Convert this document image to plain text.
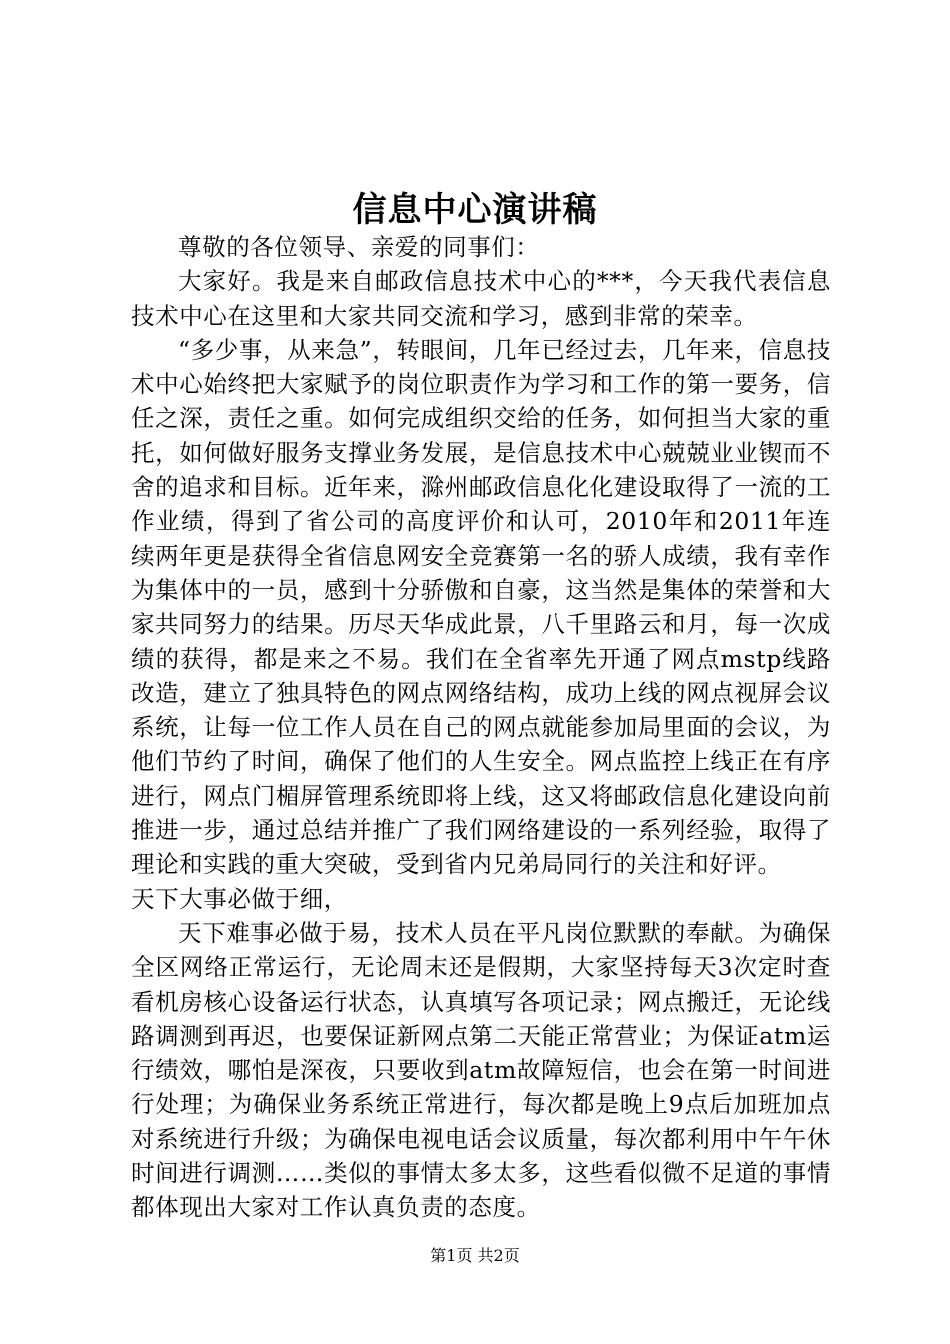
信息中心演讲稿

尊敬的各位领导、亲爱的同事们：

大家好。我是来自邮政信息技术中心的***，今天我代表信息技术中心在这里和大家共同交流和学习，感到非常的荣幸。

“多少事，从来急”，转眼间，几年已经过去，几年来，信息技术中心始终把大家赋予的岗位职责作为学习和工作的第一要务，信任之深，责任之重。如何完成组织交给的任务，如何担当大家的重托，如何做好服务支撑业务发展，是信息技术中心兢兢业业锲而不舍的追求和目标。近年来，滁州邮政信息化化建设取得了一流的工作业绩，得到了省公司的高度评价和认可，2010年和2011年连续两年更是获得全省信息网安全竞赛第一名的骄人成绩，我有幸作为集体中的一员，感到十分骄傲和自豪，这当然是集体的荣誉和大家共同努力的结果。历尽天华成此景，八千里路云和月，每一次成绩的获得，都是来之不易。我们在全省率先开通了网点mstp线路改造，建立了独具特色的网点网络结构，成功上线的网点视屏会议系统，让每一位工作人员在自己的网点就能参加局里面的会议，为他们节约了时间，确保了他们的人生安全。网点监控上线正在有序进行，网点门楣屏管理系统即将上线，这又将邮政信息化建设向前推进一步，通过总结并推广了我们网络建设的一系列经验，取得了理论和实践的重大突破，受到省内兄弟局同行的关注和好评。

天下大事必做于细，

天下难事必做于易，技术人员在平凡岗位默默的奉献。为确保全区网络正常运行，无论周末还是假期，大家坚持每天3次定时查看机房核心设备运行状态，认真填写各项记录；网点搬迁，无论线路调测到再迟，也要保证新网点第二天能正常营业；为保证atm运行绩效，哪怕是深夜，只要收到atm故障短信，也会在第一时间进行处理；为确保业务系统正常进行，每次都是晚上9点后加班加点对系统进行升级；为确保电视电话会议质量，每次都利用中午午休时间进行调测……类似的事情太多太多，这些看似微不足道的事情都体现出大家对工作认真负责的态度。

第1页 共2页
